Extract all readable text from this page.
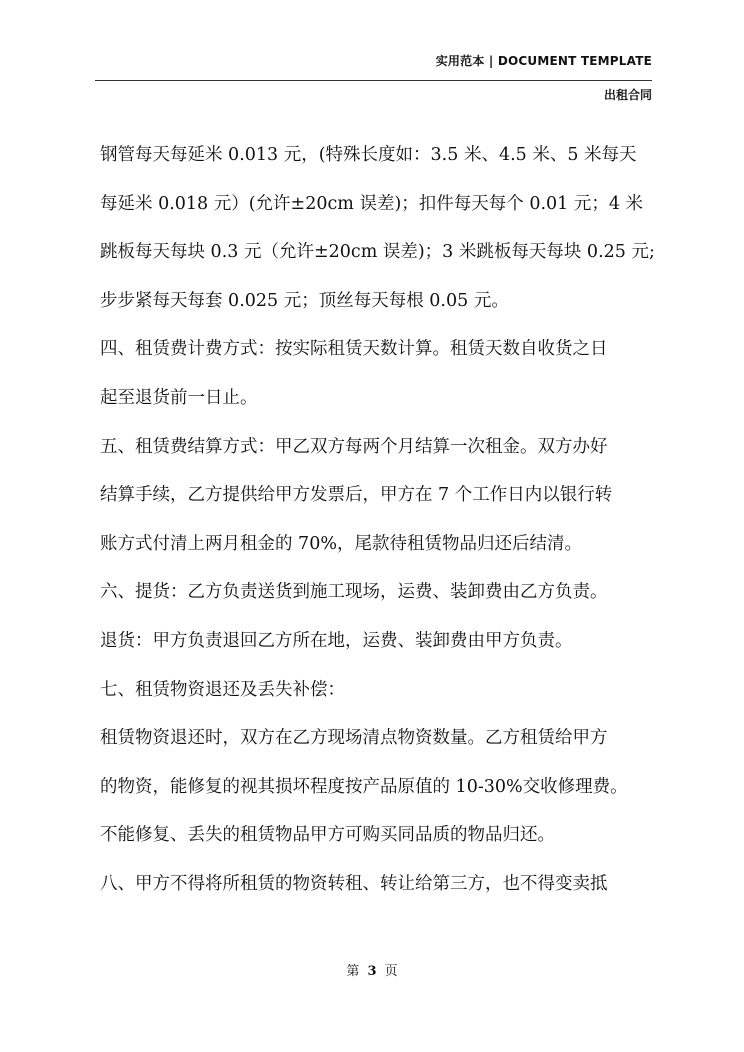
实用范本 | DOCUMENT TEMPLATE
出租合同

钢管每天每延米 0.013 元，(特殊长度如：3.5 米、4.5 米、5 米每天

每延米 0.018 元）(允许±20cm 误差)；扣件每天每个 0.01 元；4 米

跳板每天每块 0.3 元（允许±20cm 误差)；3 米跳板每天每块 0.25 元;

步步紧每天每套 0.025 元；顶丝每天每根 0.05 元。

四、租赁费计费方式：按实际租赁天数计算。租赁天数自收货之日

起至退货前一日止。

五、租赁费结算方式：甲乙双方每两个月结算一次租金。双方办好

结算手续，乙方提供给甲方发票后，甲方在 7 个工作日内以银行转

账方式付清上两月租金的 70%，尾款待租赁物品归还后结清。

六、提货：乙方负责送货到施工现场，运费、装卸费由乙方负责。

退货：甲方负责退回乙方所在地，运费、装卸费由甲方负责。

七、租赁物资退还及丢失补偿：

租赁物资退还时，双方在乙方现场清点物资数量。乙方租赁给甲方

的物资，能修复的视其损坏程度按产品原值的 10-30%交收修理费。

不能修复、丢失的租赁物品甲方可购买同品质的物品归还。

八、甲方不得将所租赁的物资转租、转让给第三方，也不得变卖抵

第 3 页
